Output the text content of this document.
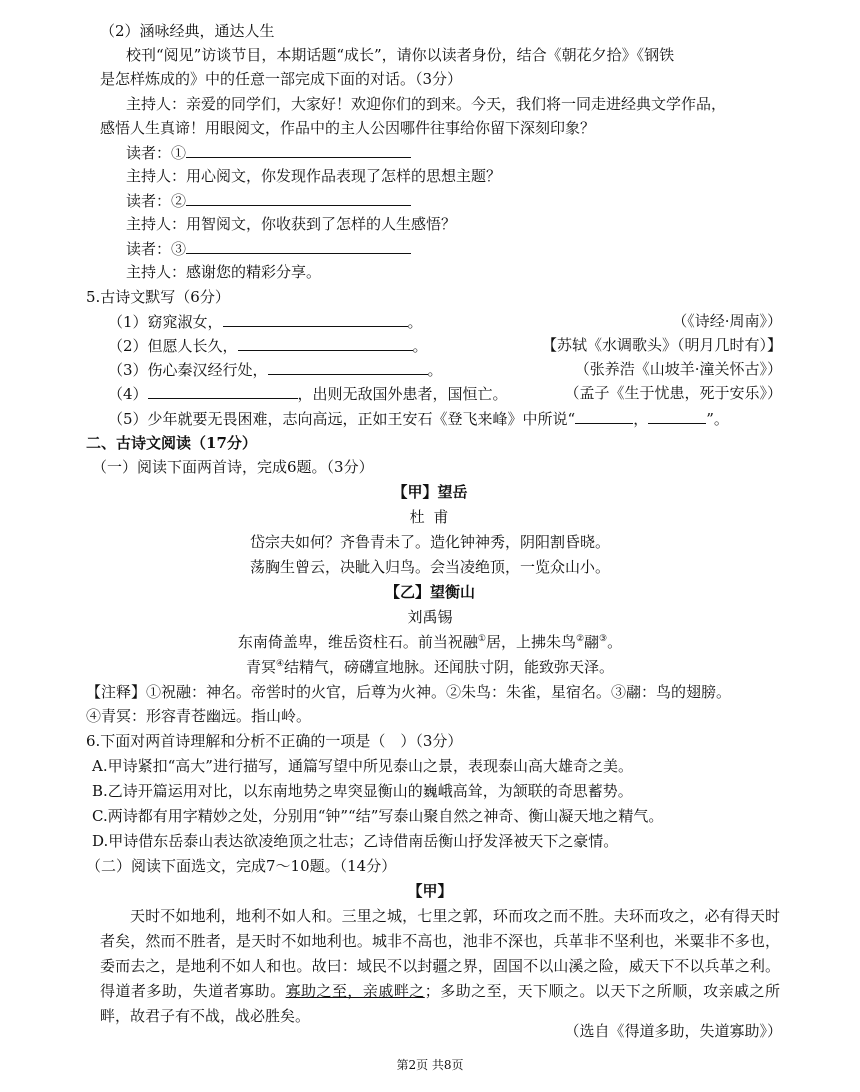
（2）涵咏经典，通达人生
校刊“阅见”访谈节目，本期话题“成长”，请你以读者身份，结合《朝花夕拾》《钢铁
是怎样炼成的》中的任意一部完成下面的对话。（3分）
主持人：亲爱的同学们，大家好！欢迎你们的到来。今天，我们将一同走进经典文学作品，
感悟人生真谛！用眼阅文，作品中的主人公因哪件往事给你留下深刻印象？
读者：①
主持人：用心阅文，你发现作品表现了怎样的思想主题？
读者：②
主持人：用智阅文，你收获到了怎样的人生感悟？
读者：③
主持人：感谢您的精彩分享。
5.古诗文默写（6分）
（1）窈窕淑女，	。	（《诗经·周南》）
（2）但愿人长久，	。	【苏轼《水调歌头》（明月几时有）】
（3）伤心秦汉经行处，	。	（张养浩《山坡羊·潼关怀古》）
（4）	，出则无敌国外患者，国恒亡。	（孟子《生于忧患，死于安乐》）
（5）少年就要无畏困难，志向高远，正如王安石《登飞来峰》中所说“	，	”。
二、古诗文阅读（17分）
（一）阅读下面两首诗，完成6题。（3分）
【甲】望岳
杜 甫
岱宗夫如何？齐鲁青未了。造化钟神秀，阴阳割昏晓。
荡胸生曾云，决眦入归鸟。会当凌绝顶，一览众山小。
【乙】望衡山
刘禹锡
东南倚盖卑，维岳资柱石。前当祝融①居，上拂朱鸟②翮③。
青冥④结精气，磅礴宣地脉。还闻肤寸阴，能致弥天泽。
【注释】①祝融：神名。帝喾时的火官，后尊为火神。②朱鸟：朱雀，星宿名。③翮：鸟的翅膀。
④青冥：形容青苍幽远。指山岭。
6.下面对两首诗理解和分析不正确的一项是（　）（3分）
A.甲诗紧扣“高大”进行描写，通篇写望中所见泰山之景，表现泰山高大雄奇之美。
B.乙诗开篇运用对比，以东南地势之卑突显衡山的巍峨高耸，为颔联的奇思蓄势。
C.两诗都有用字精妙之处，分别用“钟”“结”写泰山聚自然之神奇、衡山凝天地之精气。
D.甲诗借东岳泰山表达欲凌绝顶之壮志；乙诗借南岳衡山抒发泽被天下之豪情。
（二）阅读下面选文，完成7～10题。（14分）
【甲】
天时不如地利，地利不如人和。三里之城，七里之郭，环而攻之而不胜。夫环而攻之，必有得天时者矣，然而不胜者，是天时不如地利也。城非不高也，池非不深也，兵革非不坚利也，米粟非不多也，委而去之，是地利不如人和也。故曰：域民不以封疆之界，固国不以山溪之险，威天下不以兵革之利。得道者多助，失道者寡助。寡助之至，亲戚畔之；多助之至，天下顺之。以天下之所顺，攻亲戚之所畔，故君子有不战，战必胜矣。
（选自《得道多助，失道寡助》）
第2页 共8页
